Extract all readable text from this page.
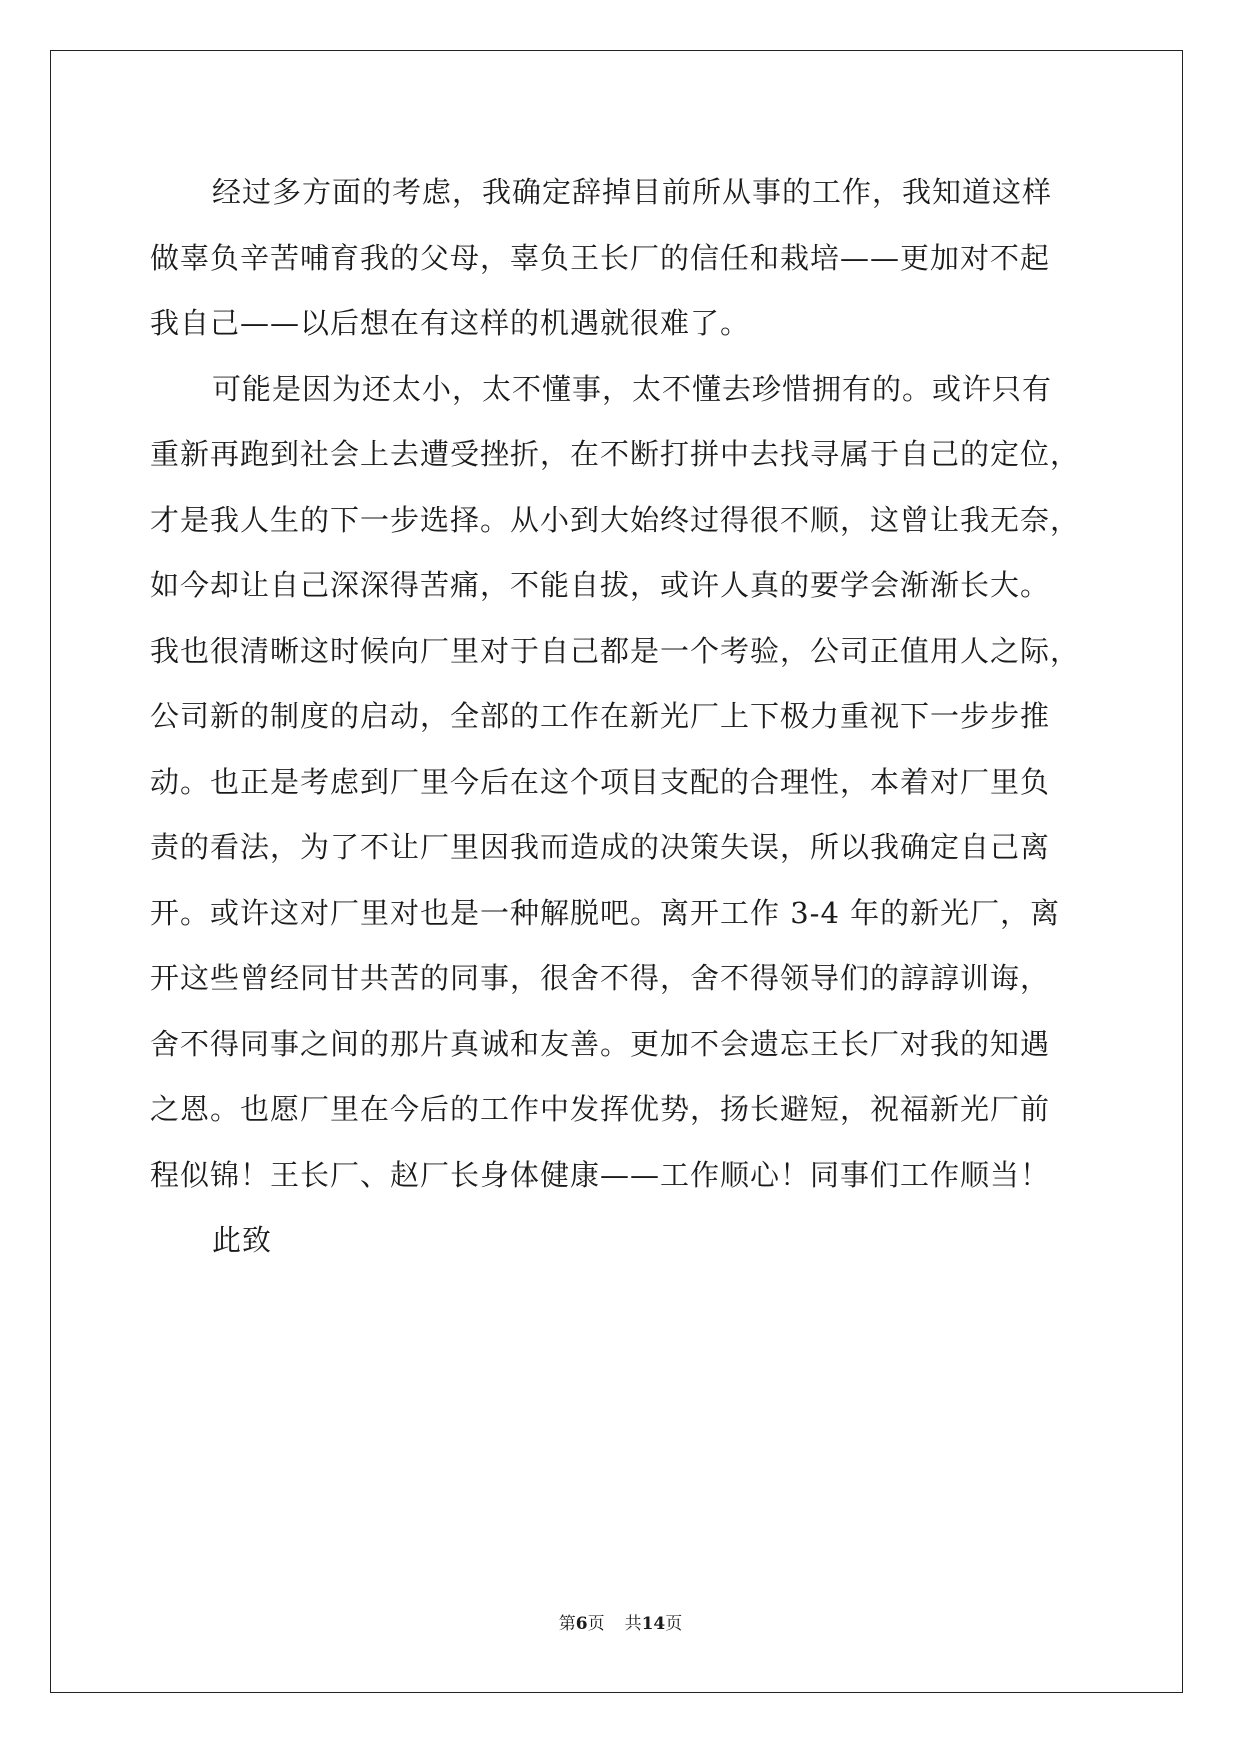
经过多方面的考虑，我确定辞掉目前所从事的工作，我知道这样
做辜负辛苦哺育我的父母，辜负王长厂的信任和栽培——更加对不起
我自己——以后想在有这样的机遇就很难了。
可能是因为还太小，太不懂事，太不懂去珍惜拥有的。或许只有
重新再跑到社会上去遭受挫折，在不断打拼中去找寻属于自己的定位，
才是我人生的下一步选择。从小到大始终过得很不顺，这曾让我无奈，
如今却让自己深深得苦痛，不能自拔，或许人真的要学会渐渐长大。
我也很清晰这时候向厂里对于自己都是一个考验，公司正值用人之际，
公司新的制度的启动，全部的工作在新光厂上下极力重视下一步步推
动。也正是考虑到厂里今后在这个项目支配的合理性，本着对厂里负
责的看法，为了不让厂里因我而造成的决策失误，所以我确定自己离
开。或许这对厂里对也是一种解脱吧。离开工作 3-4 年的新光厂，离
开这些曾经同甘共苦的同事，很舍不得，舍不得领导们的諄諄训诲，
舍不得同事之间的那片真诚和友善。更加不会遗忘王长厂对我的知遇
之恩。也愿厂里在今后的工作中发挥优势，扬长避短，祝福新光厂前
程似锦！王长厂、赵厂长身体健康——工作顺心！同事们工作顺当！
此致
第6页 共14页
